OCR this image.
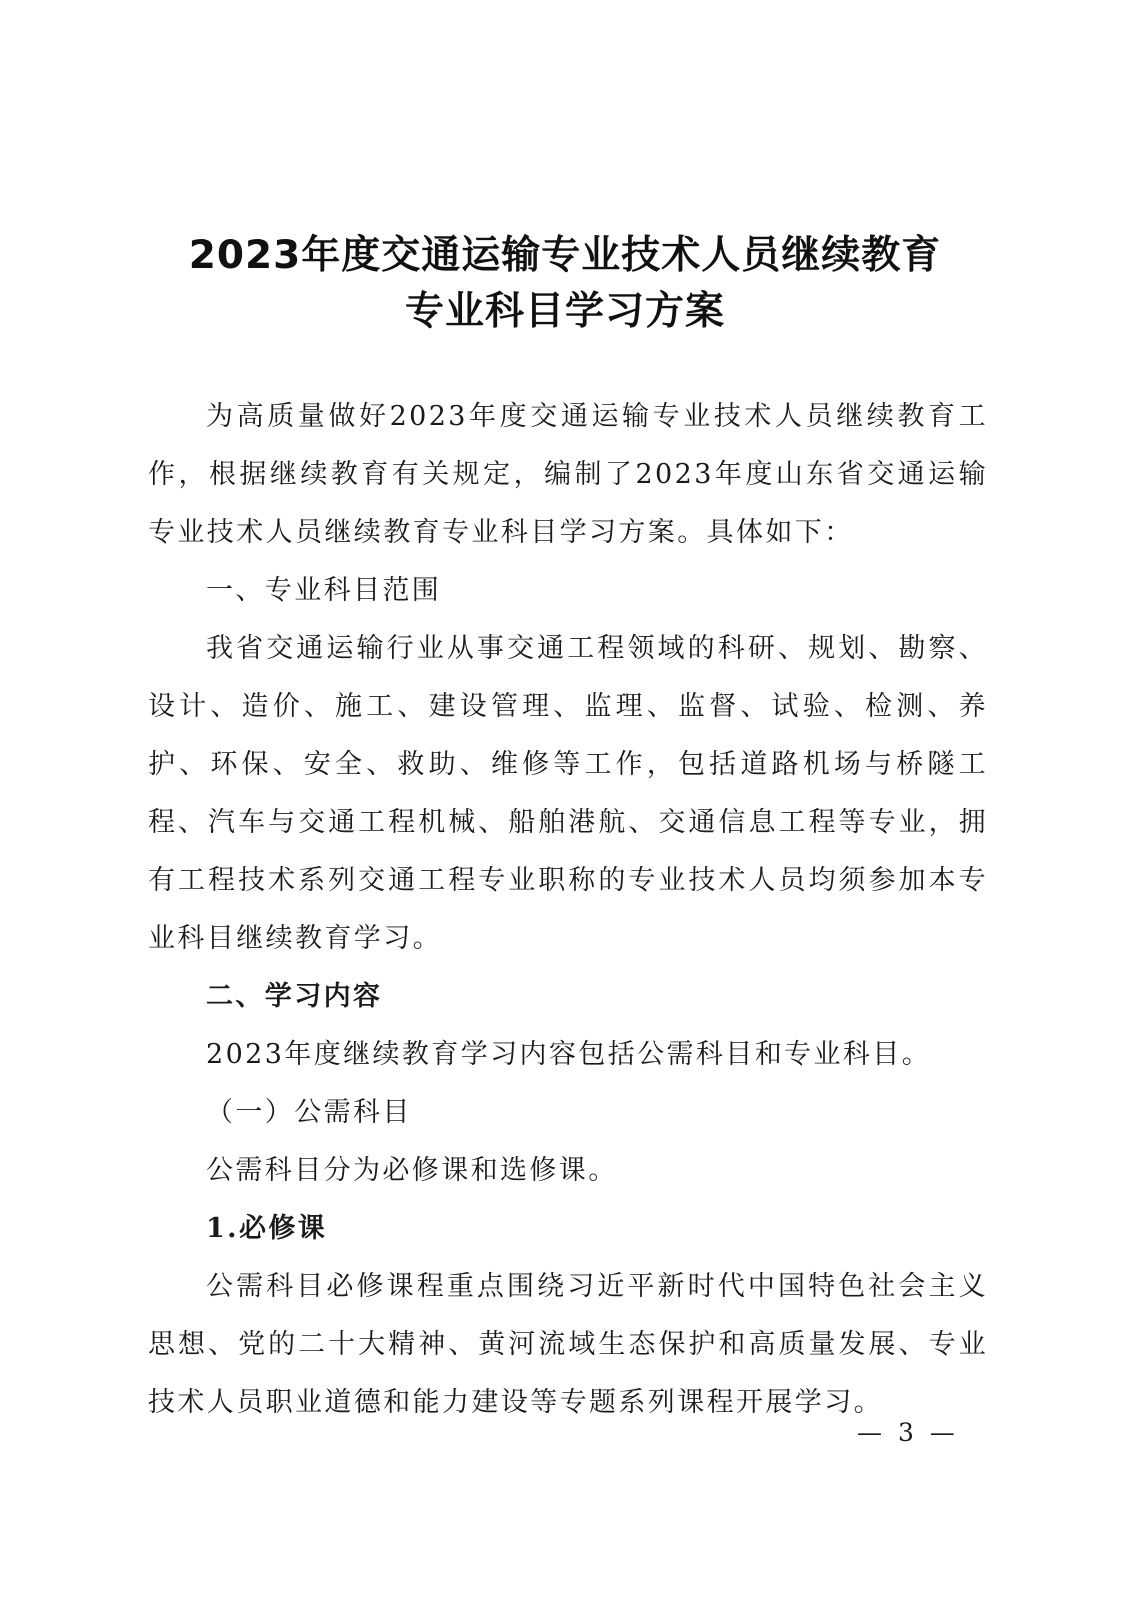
2023年度交通运输专业技术人员继续教育
专业科目学习方案

为高质量做好2023年度交通运输专业技术人员继续教育工作，根据继续教育有关规定，编制了2023年度山东省交通运输专业技术人员继续教育专业科目学习方案。具体如下：

一、专业科目范围

我省交通运输行业从事交通工程领域的科研、规划、勘察、设计、造价、施工、建设管理、监理、监督、试验、检测、养护、环保、安全、救助、维修等工作，包括道路机场与桥隧工程、汽车与交通工程机械、船舶港航、交通信息工程等专业，拥有工程技术系列交通工程专业职称的专业技术人员均须参加本专业科目继续教育学习。

二、学习内容

2023年度继续教育学习内容包括公需科目和专业科目。

（一）公需科目

公需科目分为必修课和选修课。

1.必修课

公需科目必修课程重点围绕习近平新时代中国特色社会主义思想、党的二十大精神、黄河流域生态保护和高质量发展、专业技术人员职业道德和能力建设等专题系列课程开展学习。

— 3 —
